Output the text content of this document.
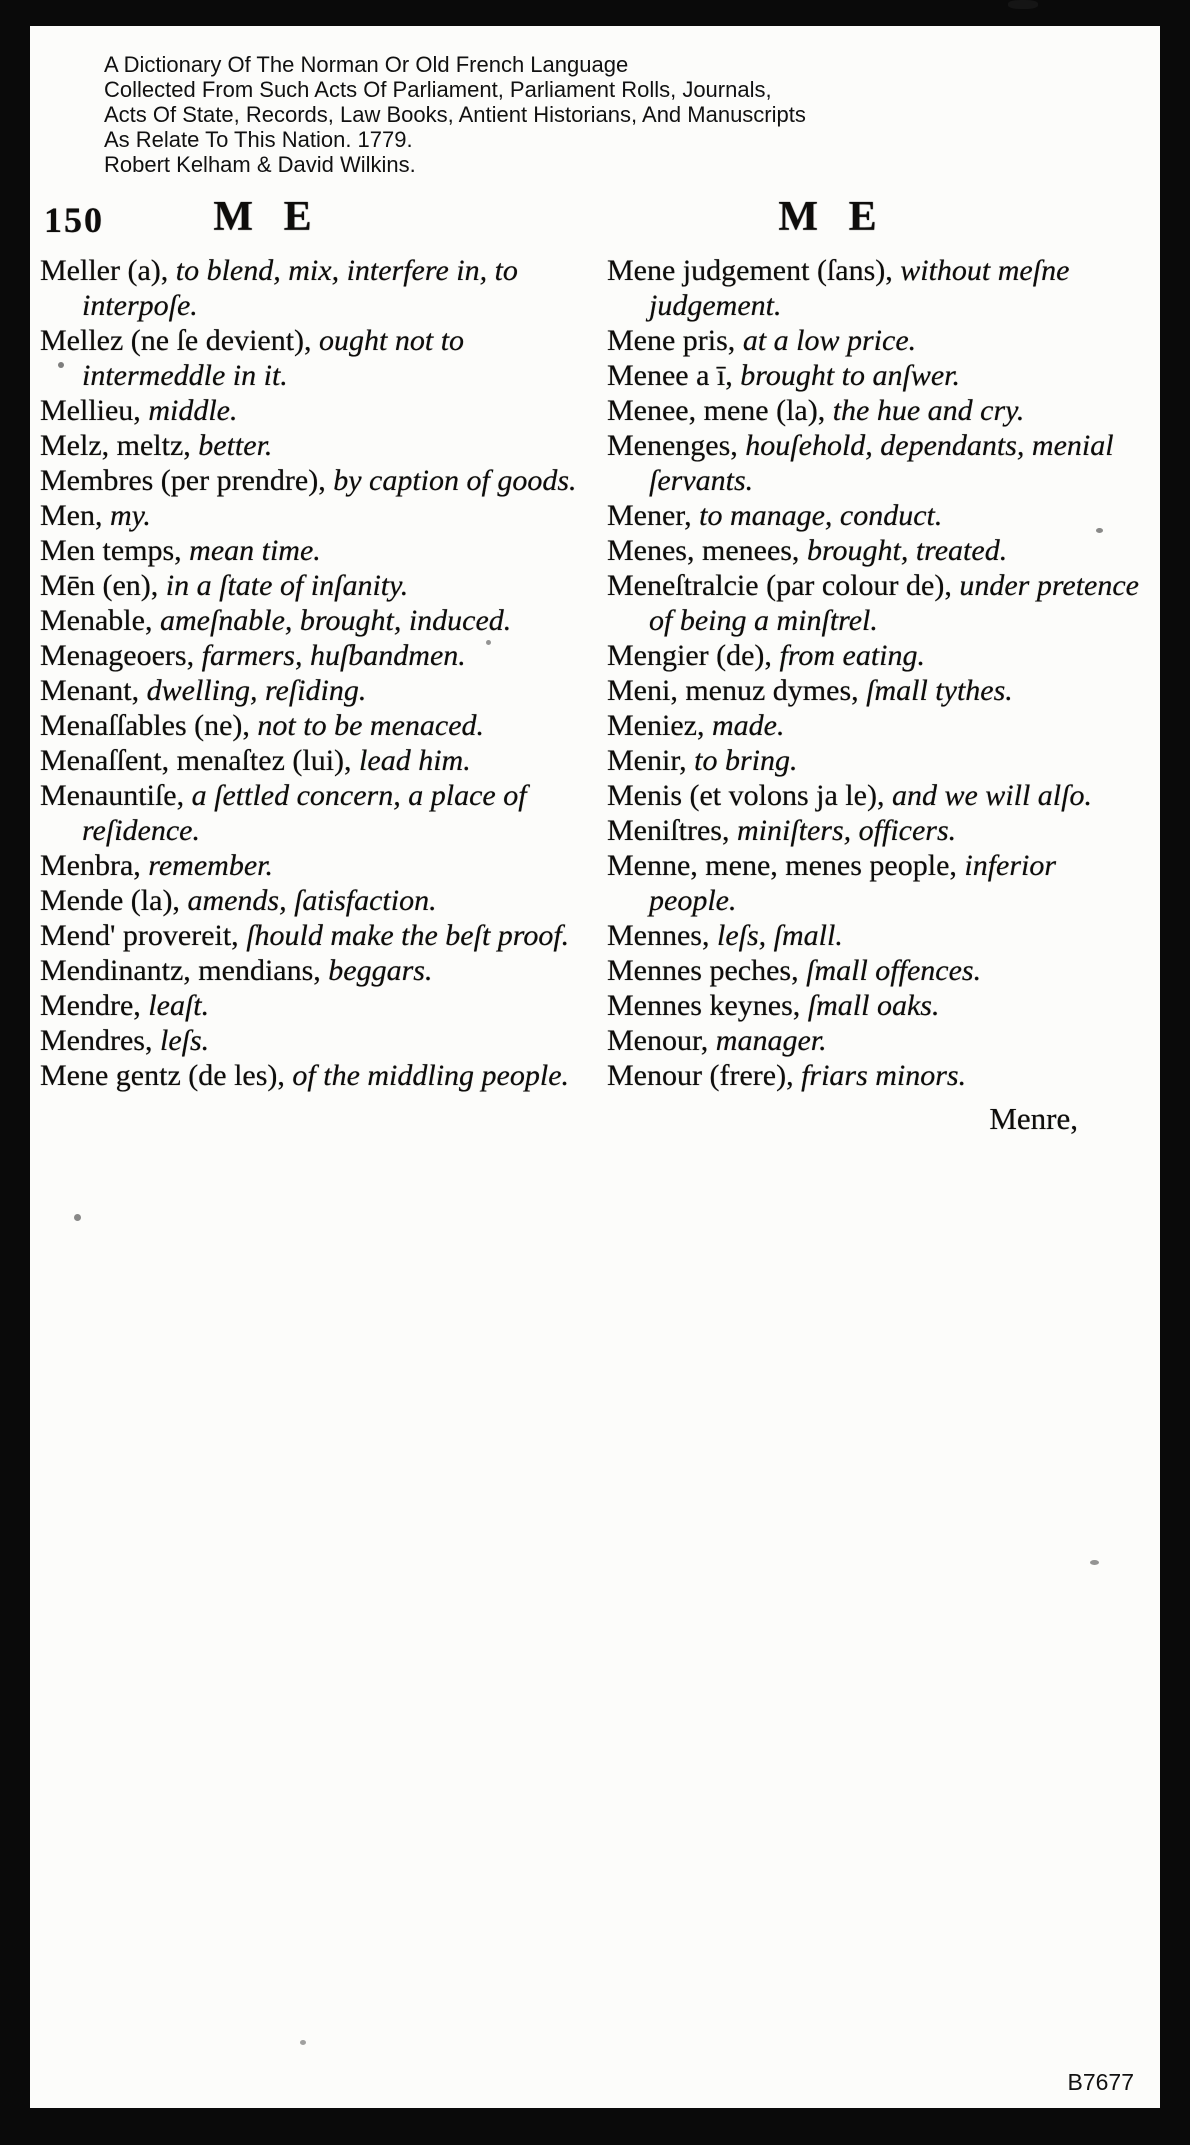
A Dictionary Of The Norman Or Old French Language
Collected From Such Acts Of Parliament, Parliament Rolls, Journals,
Acts Of State, Records, Law Books, Antient Historians, And Manuscripts
As Relate To This Nation. 1779.
Robert Kelham & David Wilkins.
150	M E	M E

Meller (a), to blend, mix, interfere in, to interpoſe.

Mellez (ne ſe devient), ought not to intermeddle in it.

Mellieu, middle.

Melz, meltz, better.

Membres (per prendre), by caption of goods.

Men, my.

Men temps, mean time.

Mēn (en), in a ſtate of inſanity.

Menable, ameſnable, brought, induced.

Menageoers, farmers, huſbandmen.

Menant, dwelling, reſiding.

Menaſſables (ne), not to be menaced.

Menaſſent, menaſtez (lui), lead him.

Menauntiſe, a ſettled concern, a place of reſidence.

Menbra, remember.

Mende (la), amends, ſatisfaction.

Mend' provereit, ſhould make the beſt proof.

Mendinantz, mendians, beggars.

Mendre, leaſt.

Mendres, leſs.

Mene gentz (de les), of the middling people.

Mene judgement (ſans), without meſne judgement.

Mene pris, at a low price.

Menee a ī, brought to anſwer.

Menee, mene (la), the hue and cry.

Menenges, houſehold, dependants, menial ſervants.

Mener, to manage, conduct.

Menes, menees, brought, treated.

Meneſtralcie (par colour de), under pretence of being a minſtrel.

Mengier (de), from eating.

Meni, menuz dymes, ſmall tythes.

Meniez, made.

Menir, to bring.

Menis (et volons ja le), and we will alſo.

Meniſtres, miniſters, officers.

Menne, mene, menes people, inferior people.

Mennes, leſs, ſmall.

Mennes peches, ſmall offences.

Mennes keynes, ſmall oaks.

Menour, manager.

Menour (frere), friars minors.

Menre,
B7677
